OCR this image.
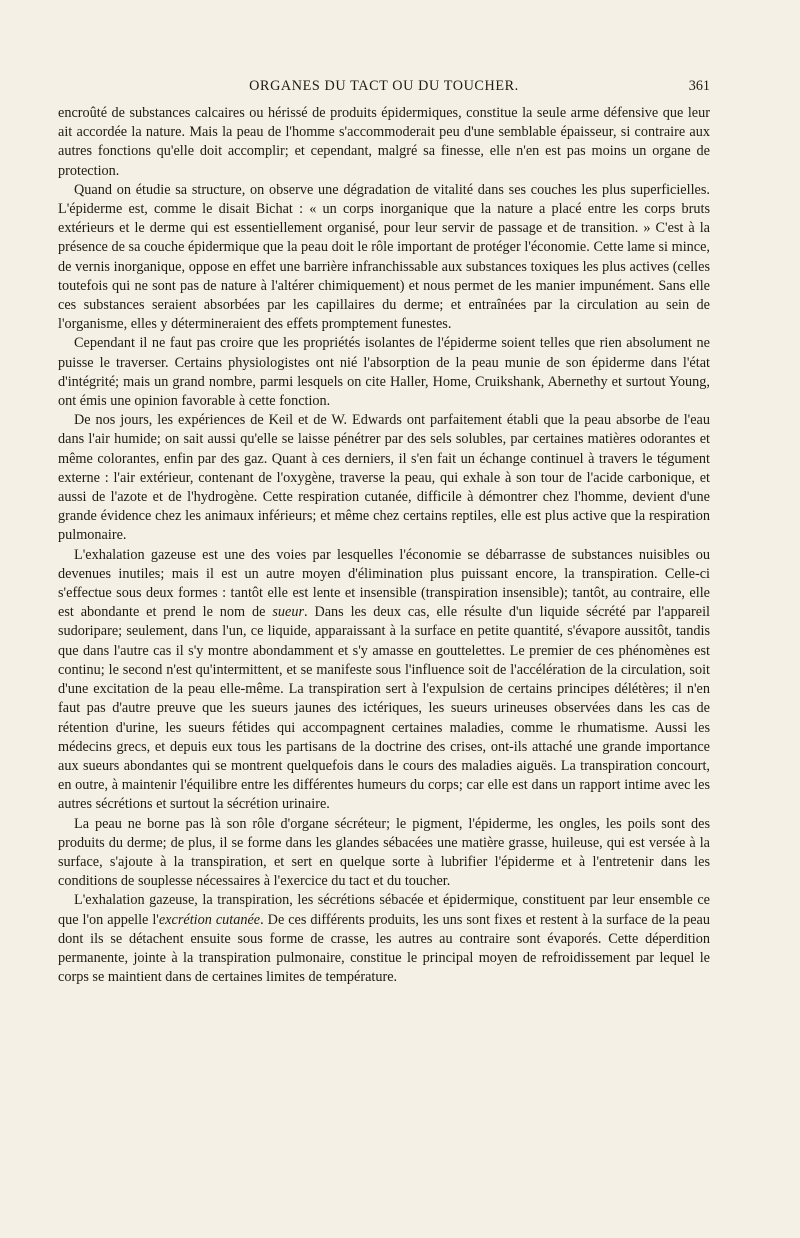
ORGANES DU TACT OU DU TOUCHER.	361

encroûté de substances calcaires ou hérissé de produits épidermiques, constitue la seule arme défensive que leur ait accordée la nature. Mais la peau de l'homme s'accommoderait peu d'une semblable épaisseur, si contraire aux autres fonctions qu'elle doit accomplir; et cependant, malgré sa finesse, elle n'en est pas moins un organe de protection.

Quand on étudie sa structure, on observe une dégradation de vitalité dans ses couches les plus superficielles. L'épiderme est, comme le disait Bichat : « un corps inorganique que la nature a placé entre les corps bruts extérieurs et le derme qui est essentiellement organisé, pour leur servir de passage et de transition. » C'est à la présence de sa couche épidermique que la peau doit le rôle important de protéger l'économie. Cette lame si mince, de vernis inorganique, oppose en effet une barrière infranchissable aux substances toxiques les plus actives (celles toutefois qui ne sont pas de nature à l'altérer chimiquement) et nous permet de les manier impunément. Sans elle ces substances seraient absorbées par les capillaires du derme; et entraînées par la circulation au sein de l'organisme, elles y détermineraient des effets promptement funestes.

Cependant il ne faut pas croire que les propriétés isolantes de l'épiderme soient telles que rien absolument ne puisse le traverser. Certains physiologistes ont nié l'absorption de la peau munie de son épiderme dans l'état d'intégrité; mais un grand nombre, parmi lesquels on cite Haller, Home, Cruikshank, Abernethy et surtout Young, ont émis une opinion favorable à cette fonction.

De nos jours, les expériences de Keil et de W. Edwards ont parfaitement établi que la peau absorbe de l'eau dans l'air humide; on sait aussi qu'elle se laisse pénétrer par des sels solubles, par certaines matières odorantes et même colorantes, enfin par des gaz. Quant à ces derniers, il s'en fait un échange continuel à travers le tégument externe : l'air extérieur, contenant de l'oxygène, traverse la peau, qui exhale à son tour de l'acide carbonique, et aussi de l'azote et de l'hydrogène. Cette respiration cutanée, difficile à démontrer chez l'homme, devient d'une grande évidence chez les animaux inférieurs; et même chez certains reptiles, elle est plus active que la respiration pulmonaire.

L'exhalation gazeuse est une des voies par lesquelles l'économie se débarrasse de substances nuisibles ou devenues inutiles; mais il est un autre moyen d'élimination plus puissant encore, la transpiration. Celle-ci s'effectue sous deux formes : tantôt elle est lente et insensible (transpiration insensible); tantôt, au contraire, elle est abondante et prend le nom de sueur. Dans les deux cas, elle résulte d'un liquide sécrété par l'appareil sudoripare; seulement, dans l'un, ce liquide, apparaissant à la surface en petite quantité, s'évapore aussitôt, tandis que dans l'autre cas il s'y montre abondamment et s'y amasse en gouttelettes. Le premier de ces phénomènes est continu; le second n'est qu'intermittent, et se manifeste sous l'influence soit de l'accélération de la circulation, soit d'une excitation de la peau elle-même. La transpiration sert à l'expulsion de certains principes délétères; il n'en faut pas d'autre preuve que les sueurs jaunes des ictériques, les sueurs urineuses observées dans les cas de rétention d'urine, les sueurs fétides qui accompagnent certaines maladies, comme le rhumatisme. Aussi les médecins grecs, et depuis eux tous les partisans de la doctrine des crises, ont-ils attaché une grande importance aux sueurs abondantes qui se montrent quelquefois dans le cours des maladies aiguës. La transpiration concourt, en outre, à maintenir l'équilibre entre les différentes humeurs du corps; car elle est dans un rapport intime avec les autres sécrétions et surtout la sécrétion urinaire.

La peau ne borne pas là son rôle d'organe sécréteur; le pigment, l'épiderme, les ongles, les poils sont des produits du derme; de plus, il se forme dans les glandes sébacées une matière grasse, huileuse, qui est versée à la surface, s'ajoute à la transpiration, et sert en quelque sorte à lubrifier l'épiderme et à l'entretenir dans les conditions de souplesse nécessaires à l'exercice du tact et du toucher.

L'exhalation gazeuse, la transpiration, les sécrétions sébacée et épidermique, constituent par leur ensemble ce que l'on appelle l'excrétion cutanée. De ces différents produits, les uns sont fixes et restent à la surface de la peau dont ils se détachent ensuite sous forme de crasse, les autres au contraire sont évaporés. Cette déperdition permanente, jointe à la transpiration pulmonaire, constitue le principal moyen de refroidissement par lequel le corps se maintient dans de certaines limites de température.
